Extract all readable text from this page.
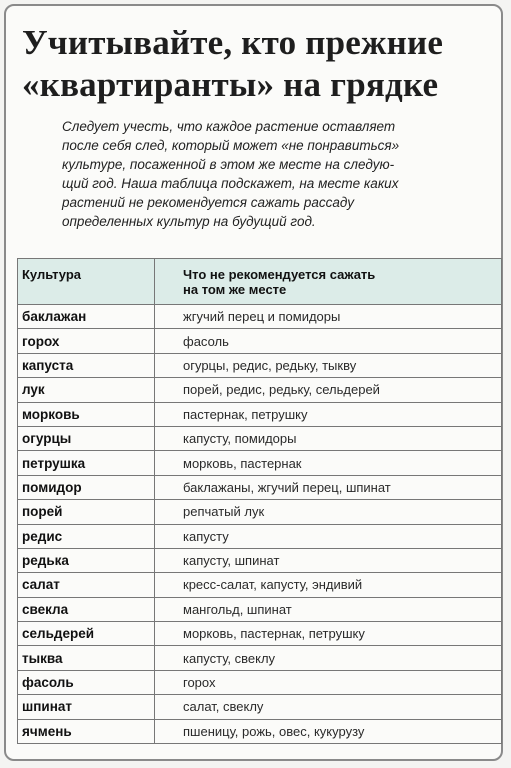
Учитывайте, кто прежние
«квартиранты» на грядке
Следует учесть, что каждое растение оставляет
после себя след, который может «не понравиться»
культуре, посаженной в этом же месте на следую-
щий год. Наша таблица подскажет, на месте каких
растений не рекомендуется сажать рассаду
определенных культур на будущий год.
Культура	Что не рекомендуется сажать
на том же месте

баклажан	жгучий перец и помидоры
горох	фасоль
капуста	огурцы, редис, редьку, тыкву
лук	порей, редис, редьку, сельдерей
морковь	пастернак, петрушку
огурцы	капусту, помидоры
петрушка	морковь, пастернак
помидор	баклажаны, жгучий перец, шпинат
порей	репчатый лук
редис	капусту
редька	капусту, шпинат
салат	кресс-салат, капусту, эндивий
свекла	мангольд, шпинат
сельдерей	морковь, пастернак, петрушку
тыква	капусту, свеклу
фасоль	горох
шпинат	салат, свеклу
ячмень	пшеницу, рожь, овес, кукурузу
